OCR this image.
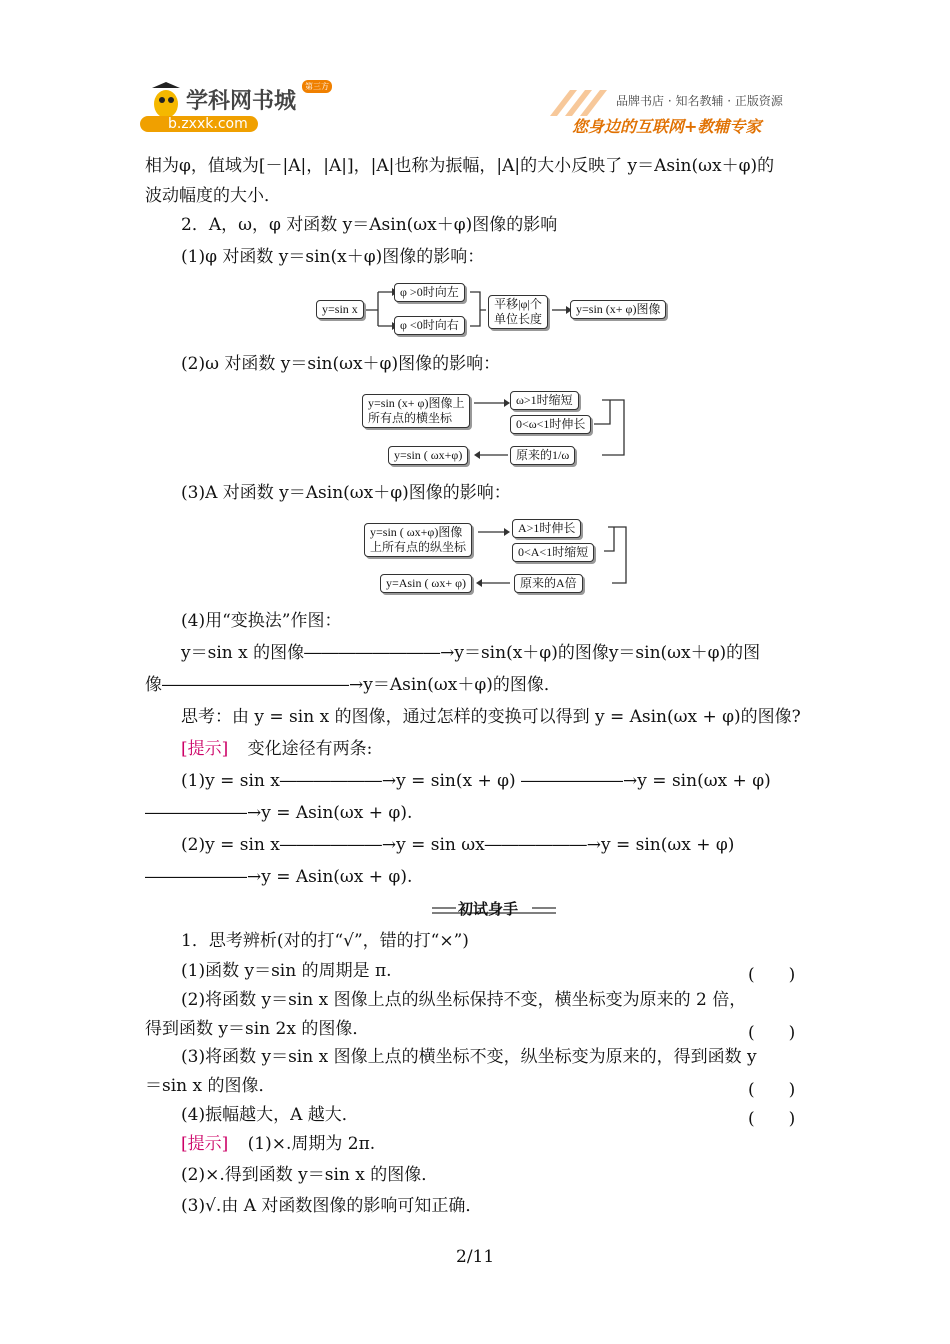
学科网书城
第三方
b.zxxk.com
品牌书店 · 知名教辅 · 正版资源
您身边的互联网+教辅专家
相为φ，值域为[－|A|，|A|]，|A|也称为振幅，|A|的大小反映了 y＝Asin(ωx＋φ)的
波动幅度的大小．
2．A，ω，φ 对函数 y＝Asin(ωx＋φ)图像的影响
(1)φ 对函数 y＝sin(x＋φ)图像的影响：
y=sin x
φ >0时向左
φ <0时向右
平移|φ|个
单位长度
y=sin (x+ φ)图像
(2)ω 对函数 y＝sin(ωx＋φ)图像的影响：
y=sin (x+ φ)图像上
所有点的横坐标
ω>1时缩短
0<ω<1时伸长
原来的1/ω
y=sin ( ωx+φ)
(3)A 对函数 y＝Asin(ωx＋φ)图像的影响：
y=sin ( ωx+φ)图像
上所有点的纵坐标
A>1时伸长
0<A<1时缩短
原来的A倍
y=Asin ( ωx+ φ)
(4)用“变换法”作图：
y＝sin x 的图像――――――――→y＝sin(x＋φ)的图像y＝sin(ωx＋φ)的图
像―――――――――――→y＝Asin(ωx＋φ)的图像．
思考：由 y = sin x 的图像，通过怎样的变换可以得到 y = Asin(ωx + φ)的图像?
[提示] 变化途径有两条:
(1)y = sin x――――――→y = sin(x + φ) ――――――→y = sin(ωx + φ)
――――――→y = Asin(ωx + φ).
(2)y = sin x――――――→y = sin ωx――――――→y = sin(ωx + φ)
――――――→y = Asin(ωx + φ).
初试身手
1．思考辨析(对的打“√”，错的打“×”)
(1)函数 y＝sin 的周期是 π.	(　　)
(2)将函数 y＝sin x 图像上点的纵坐标保持不变，横坐标变为原来的 2 倍，
得到函数 y＝sin 2x 的图像．	(　　)
(3)将函数 y＝sin x 图像上点的横坐标不变，纵坐标变为原来的，得到函数 y
＝sin x 的图像．	(　　)
(4)振幅越大，A 越大．	(　　)
[提示] (1)×.周期为 2π.
(2)×.得到函数 y＝sin x 的图像．
(3)√.由 A 对函数图像的影响可知正确．
2/11
